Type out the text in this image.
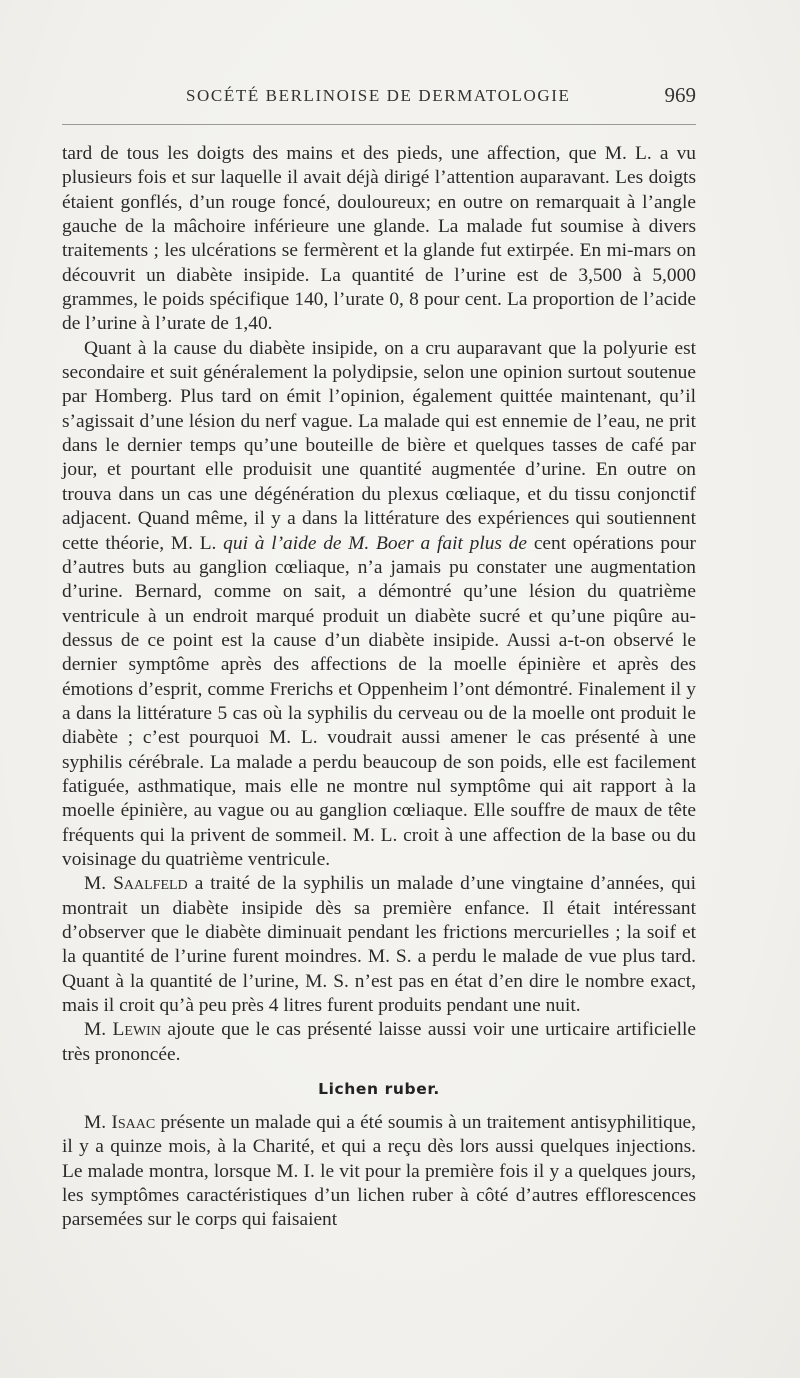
SOCÉTÉ BERLINOISE DE DERMATOLOGIE	969

tard de tous les doigts des mains et des pieds, une affection, que M. L. a vu plusieurs fois et sur laquelle il avait déjà dirigé l’attention auparavant. Les doigts étaient gonflés, d’un rouge foncé, douloureux; en outre on remarquait à l’angle gauche de la mâchoire inférieure une glande. La malade fut soumise à divers traitements ; les ulcérations se fermèrent et la glande fut extirpée. En mi-mars on découvrit un diabète insipide. La quantité de l’urine est de 3,500 à 5,000 grammes, le poids spécifique 140, l’urate 0, 8 pour cent. La proportion de l’acide de l’urine à l’urate de 1,40.

Quant à la cause du diabète insipide, on a cru auparavant que la polyurie est secondaire et suit généralement la polydipsie, selon une opinion surtout soutenue par Homberg. Plus tard on émit l’opinion, également quittée maintenant, qu’il s’agissait d’une lésion du nerf vague. La malade qui est ennemie de l’eau, ne prit dans le dernier temps qu’une bouteille de bière et quelques tasses de café par jour, et pourtant elle produisit une quantité augmentée d’urine. En outre on trouva dans un cas une dégénération du plexus cœliaque, et du tissu conjonctif adjacent. Quand même, il y a dans la littérature des expériences qui soutiennent cette théorie, M. L. qui à l’aide de M. Boer a fait plus de cent opérations pour d’autres buts au ganglion cœliaque, n’a jamais pu constater une augmentation d’urine. Bernard, comme on sait, a démontré qu’une lésion du quatrième ventricule à un endroit marqué produit un diabète sucré et qu’une piqûre au-dessus de ce point est la cause d’un diabète insipide. Aussi a-t-on observé le dernier symptôme après des affections de la moelle épinière et après des émotions d’esprit, comme Frerichs et Oppenheim l’ont démontré. Finalement il y a dans la littérature 5 cas où la syphilis du cerveau ou de la moelle ont produit le diabète ; c’est pourquoi M. L. voudrait aussi amener le cas présenté à une syphilis cérébrale. La malade a perdu beaucoup de son poids, elle est facilement fatiguée, asthmatique, mais elle ne montre nul symptôme qui ait rapport à la moelle épinière, au vague ou au ganglion cœliaque. Elle souffre de maux de tête fréquents qui la privent de sommeil. M. L. croit à une affection de la base ou du voisinage du quatrième ventricule.

M. Saalfeld a traité de la syphilis un malade d’une vingtaine d’années, qui montrait un diabète insipide dès sa première enfance. Il était intéressant d’observer que le diabète diminuait pendant les frictions mercurielles ; la soif et la quantité de l’urine furent moindres. M. S. a perdu le malade de vue plus tard. Quant à la quantité de l’urine, M. S. n’est pas en état d’en dire le nombre exact, mais il croit qu’à peu près 4 litres furent produits pendant une nuit.

M. Lewin ajoute que le cas présenté laisse aussi voir une urticaire artificielle très prononcée.

Lichen ruber.

M. Isaac présente un malade qui a été soumis à un traitement antisyphilitique, il y a quinze mois, à la Charité, et qui a reçu dès lors aussi quelques injections. Le malade montra, lorsque M. I. le vit pour la première fois il y a quelques jours, les symptômes caractéristiques d’un lichen ruber à côté d’autres efflorescences parsemées sur le corps qui faisaient
